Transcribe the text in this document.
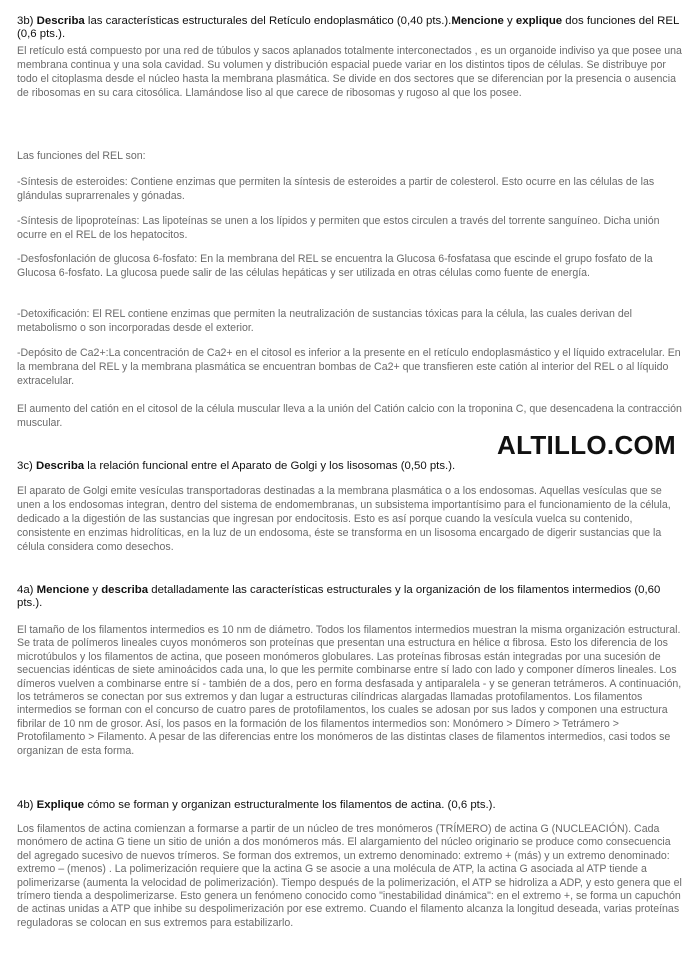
3b) Describa las características estructurales del Retículo endoplasmático (0,40 pts.).Mencione y explique dos funciones del REL (0,6 pts.).

El retículo está compuesto por una red de túbulos y sacos aplanados totalmente interconectados , es un organoide indiviso ya que posee una membrana continua y una sola cavidad. Su volumen y distribución espacial puede variar en los distintos tipos de células. Se distribuye por todo el citoplasma desde el núcleo hasta la membrana plasmática. Se divide en dos sectores que se diferencian por la presencia o ausencia de ribosomas en su cara citosólica. Llamándose liso al que carece de ribosomas y rugoso al que los posee.

Las funciones del REL son:

-Síntesis de esteroides: Contiene enzimas que permiten la síntesis de esteroides a partir de colesterol. Esto ocurre en las células de las glándulas suprarrenales y gónadas.

-Síntesis de lipoproteínas: Las lipoteínas se unen a los lípidos y permiten que estos circulen a través del torrente sanguíneo. Dicha unión ocurre en el REL de los hepatocitos.

-Desfosfonlación de glucosa 6-fosfato: En la membrana del REL se encuentra la Glucosa 6-fosfatasa que escinde el grupo fosfato de la Glucosa 6-fosfato. La glucosa puede salir de las células hepáticas y ser utilizada en otras células como fuente de energía.

-Detoxificación: El REL contiene enzimas que permiten la neutralización de sustancias tóxicas para la célula, las cuales derivan del metabolismo o son incorporadas desde el exterior.

-Depósito de Ca2+:La concentración de Ca2+ en el citosol es inferior a la presente en el retículo endoplasmástico y el líquido extracelular. En la membrana del REL y la membrana plasmática se encuentran bombas de Ca2+ que transfieren este catión al interior del REL o al líquido extracelular.

El aumento del catión en el citosol de la célula muscular lleva a la unión del Catión calcio con la troponina C, que desencadena la contracción muscular.

ALTILLO.COM
3c) Describa la relación funcional entre el Aparato de Golgi y los lisosomas (0,50 pts.).

El aparato de Golgi emite vesículas transportadoras destinadas a la membrana plasmática o a los endosomas. Aquellas vesículas que se unen a los endosomas integran, dentro del sistema de endomembranas, un subsistema importantísimo para el funcionamiento de la célula, dedicado a la digestión de las sustancias que ingresan por endocitosis. Esto es así porque cuando la vesícula vuelca su contenido, consistente en enzimas hidrolíticas, en la luz de un endosoma, éste se transforma en un lisosoma encargado de digerir sustancias que la célula considera como desechos.

4a) Mencione y describa detalladamente las características estructurales y la organización de los filamentos intermedios (0,60 pts.).

El tamaño de los filamentos intermedios es 10 nm de diámetro. Todos los filamentos intermedios muestran la misma organización estructural. Se trata de polímeros lineales cuyos monómeros son proteínas que presentan una estructura en hélice α fibrosa. Esto los diferencia de los microtúbulos y los filamentos de actina, que poseen monómeros globulares. Las proteínas fibrosas están integradas por una sucesión de secuencias idénticas de siete aminoácidos cada una, lo que les permite combinarse entre sí lado con lado y componer dímeros lineales. Los dímeros vuelven a combinarse entre sí - también de a dos, pero en forma desfasada y antiparalela - y se generan tetrámeros. A continuación, los tetrámeros se conectan por sus extremos y dan lugar a estructuras cilíndricas alargadas llamadas protofilamentos. Los filamentos intermedios se forman con el concurso de cuatro pares de protofilamentos, los cuales se adosan por sus lados y componen una estructura fibrilar de 10 nm de grosor. Así, los pasos en la formación de los filamentos intermedios son: Monómero > Dímero > Tetrámero > Protofilamento > Filamento. A pesar de las diferencias entre los monómeros de las distintas clases de filamentos intermedios, casi todos se organizan de esta forma.

4b) Explique cómo se forman y organizan estructuralmente los filamentos de actina. (0,6 pts.).

Los filamentos de actina comienzan a formarse a partir de un núcleo de tres monómeros (TRÍMERO) de actina G (NUCLEACIÓN). Cada monómero de actina G tiene un sitio de unión a dos monómeros más. El alargamiento del núcleo originario se produce como consecuencia del agregado sucesivo de nuevos trímeros. Se forman dos extremos, un extremo denominado: extremo + (más) y un extremo denominado: extremo – (menos) . La polimerización requiere que la actina G se asocie a una molécula de ATP, la actina G asociada al ATP tiende a polimerizarse (aumenta la velocidad de polimerización). Tiempo después de la polimerización, el ATP se hidroliza a ADP, y esto genera que el trímero tienda a despolimerizarse. Esto genera un fenómeno conocido como "inestabilidad dinámica": en el extremo +, se forma un capuchón de actinas unidas a ATP que inhibe su despolimerización por ese extremo. Cuando el filamento alcanza la longitud deseada, varias proteínas reguladoras se colocan en sus extremos para estabilizarlo.
